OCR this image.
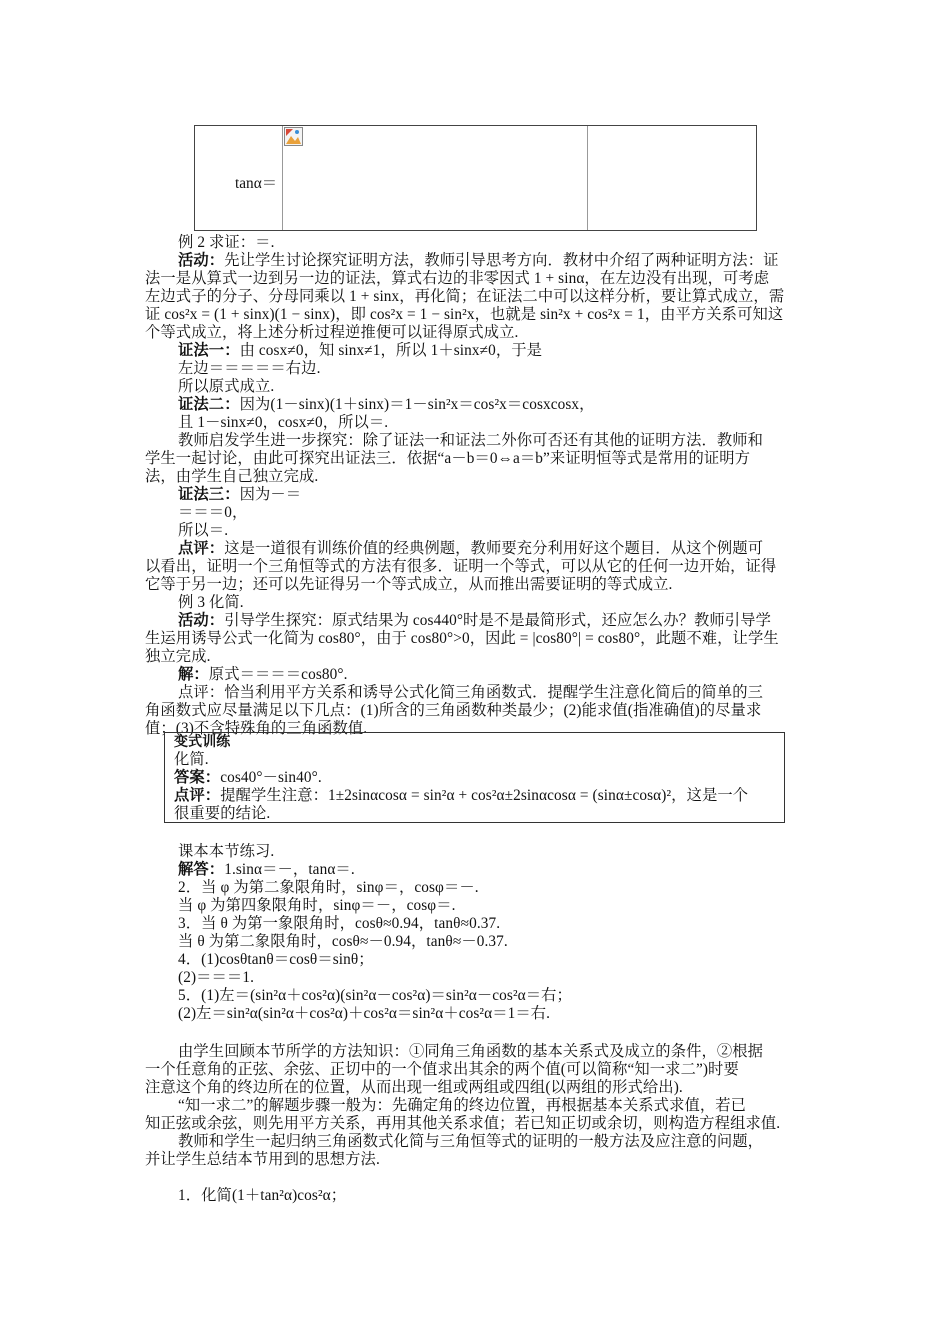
tanα＝
例 2 求证：＝.
活动：先让学生讨论探究证明方法，教师引导思考方向．教材中介绍了两种证明方法：证
法一是从算式一边到另一边的证法，算式右边的非零因式 1 + sinα，在左边没有出现，可考虑
左边式子的分子、分母同乘以 1 + sinx，再化简；在证法二中可以这样分析，要让算式成立，需
证 cos²x = (1 + sinx)(1 − sinx)，即 cos²x = 1 − sin²x，也就是 sin²x + cos²x = 1，由平方关系可知这
个等式成立，将上述分析过程逆推便可以证得原式成立.
证法一：由 cosx≠0，知 sinx≠1，所以 1＋sinx≠0，于是
左边＝＝＝＝＝右边.
所以原式成立.
证法二：因为(1－sinx)(1＋sinx)＝1－sin²x＝cos²x＝cosxcosx，
且 1－sinx≠0，cosx≠0，所以＝.
教师启发学生进一步探究：除了证法一和证法二外你可否还有其他的证明方法．教师和
学生一起讨论，由此可探究出证法三．依据“a－b＝0⇔a＝b”来证明恒等式是常用的证明方
法，由学生自己独立完成.
证法三：因为－＝
＝＝＝0，
所以＝.
点评：这是一道很有训练价值的经典例题，教师要充分利用好这个题目．从这个例题可
以看出，证明一个三角恒等式的方法有很多．证明一个等式，可以从它的任何一边开始，证得
它等于另一边；还可以先证得另一个等式成立，从而推出需要证明的等式成立.
例 3 化简.
活动：引导学生探究：原式结果为 cos440°时是不是最简形式，还应怎么办？教师引导学
生运用诱导公式一化简为 cos80°，由于 cos80°>0，因此 = |cos80°| = cos80°，此题不难，让学生
独立完成.
解：原式＝＝＝＝cos80°.
点评：恰当利用平方关系和诱导公式化简三角函数式．提醒学生注意化简后的简单的三
角函数式应尽量满足以下几点：(1)所含的三角函数种类最少；(2)能求值(指准确值)的尽量求
值；(3)不含特殊角的三角函数值.
变式训练
化简.
答案：cos40°－sin40°.
点评：提醒学生注意：1±2sinαcosα = sin²α + cos²α±2sinαcosα = (sinα±cosα)²，这是一个
很重要的结论.
课本本节练习.
解答：1.sinα＝－，tanα＝.
2．当 φ 为第二象限角时，sinφ＝，cosφ＝－.
当 φ 为第四象限角时，sinφ＝－，cosφ＝.
3．当 θ 为第一象限角时，cosθ≈0.94，tanθ≈0.37.
当 θ 为第二象限角时，cosθ≈－0.94，tanθ≈－0.37.
4．(1)cosθtanθ＝cosθ＝sinθ；
(2)＝＝＝1.
5．(1)左＝(sin²α＋cos²α)(sin²α－cos²α)＝sin²α－cos²α＝右；
(2)左＝sin²α(sin²α＋cos²α)＋cos²α＝sin²α＋cos²α＝1＝右.
由学生回顾本节所学的方法知识：①同角三角函数的基本关系式及成立的条件，②根据
一个任意角的正弦、余弦、正切中的一个值求出其余的两个值(可以简称“知一求二”)时要
注意这个角的终边所在的位置，从而出现一组或两组或四组(以两组的形式给出).
“知一求二”的解题步骤一般为：先确定角的终边位置，再根据基本关系式求值，若已
知正弦或余弦，则先用平方关系，再用其他关系求值；若已知正切或余切，则构造方程组求值.
教师和学生一起归纳三角函数式化简与三角恒等式的证明的一般方法及应注意的问题，
并让学生总结本节用到的思想方法.
1．化简(1＋tan²α)cos²α；
